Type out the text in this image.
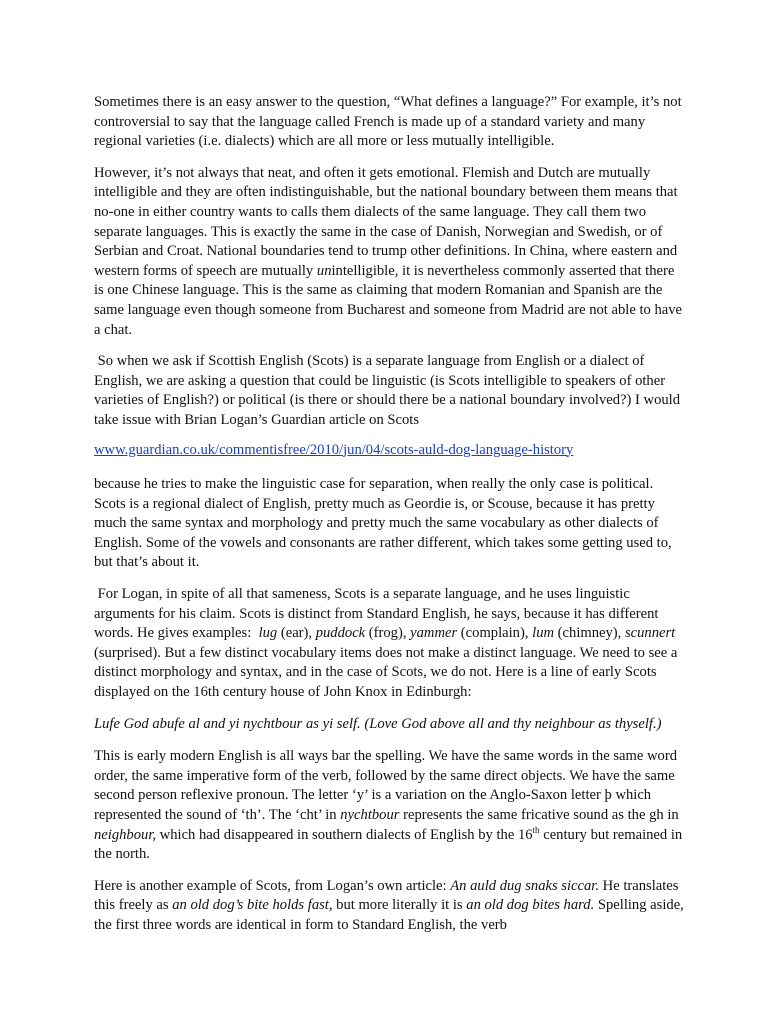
Sometimes there is an easy answer to the question, “What defines a language?” For example, it’s not controversial to say that the language called French is made up of a standard variety and many regional varieties (i.e. dialects) which are all more or less mutually intelligible.

However, it’s not always that neat, and often it gets emotional. Flemish and Dutch are mutually intelligible and they are often indistinguishable, but the national boundary between them means that no-one in either country wants to calls them dialects of the same language. They call them two separate languages. This is exactly the same in the case of Danish, Norwegian and Swedish, or of Serbian and Croat. National boundaries tend to trump other definitions. In China, where eastern and western forms of speech are mutually unintelligible, it is nevertheless commonly asserted that there is one Chinese language. This is the same as claiming that modern Romanian and Spanish are the same language even though someone from Bucharest and someone from Madrid are not able to have a chat.

So when we ask if Scottish English (Scots) is a separate language from English or a dialect of English, we are asking a question that could be linguistic (is Scots intelligible to speakers of other varieties of English?) or political (is there or should there be a national boundary involved?) I would take issue with Brian Logan’s Guardian article on Scots

www.guardian.co.uk/commentisfree/2010/jun/04/scots-auld-dog-language-history

because he tries to make the linguistic case for separation, when really the only case is political. Scots is a regional dialect of English, pretty much as Geordie is, or Scouse, because it has pretty much the same syntax and morphology and pretty much the same vocabulary as other dialects of English. Some of the vowels and consonants are rather different, which takes some getting used to, but that’s about it.

For Logan, in spite of all that sameness, Scots is a separate language, and he uses linguistic arguments for his claim. Scots is distinct from Standard English, he says, because it has different words. He gives examples:  lug (ear), puddock (frog), yammer (complain), lum (chimney), scunnert (surprised). But a few distinct vocabulary items does not make a distinct language. We need to see a distinct morphology and syntax, and in the case of Scots, we do not. Here is a line of early Scots displayed on the 16th century house of John Knox in Edinburgh:

Lufe God abufe al and yi nychtbour as yi self. (Love God above all and thy neighbour as thyself.)

This is early modern English is all ways bar the spelling. We have the same words in the same word order, the same imperative form of the verb, followed by the same direct objects. We have the same second person reflexive pronoun. The letter ‘y’ is a variation on the Anglo-Saxon letter þ which represented the sound of ‘th’. The ‘cht’ in nychtbour represents the same fricative sound as the gh in neighbour, which had disappeared in southern dialects of English by the 16th century but remained in the north.

Here is another example of Scots, from Logan’s own article: An auld dug snaks siccar. He translates this freely as an old dog’s bite holds fast, but more literally it is an old dog bites hard. Spelling aside, the first three words are identical in form to Standard English, the verb
